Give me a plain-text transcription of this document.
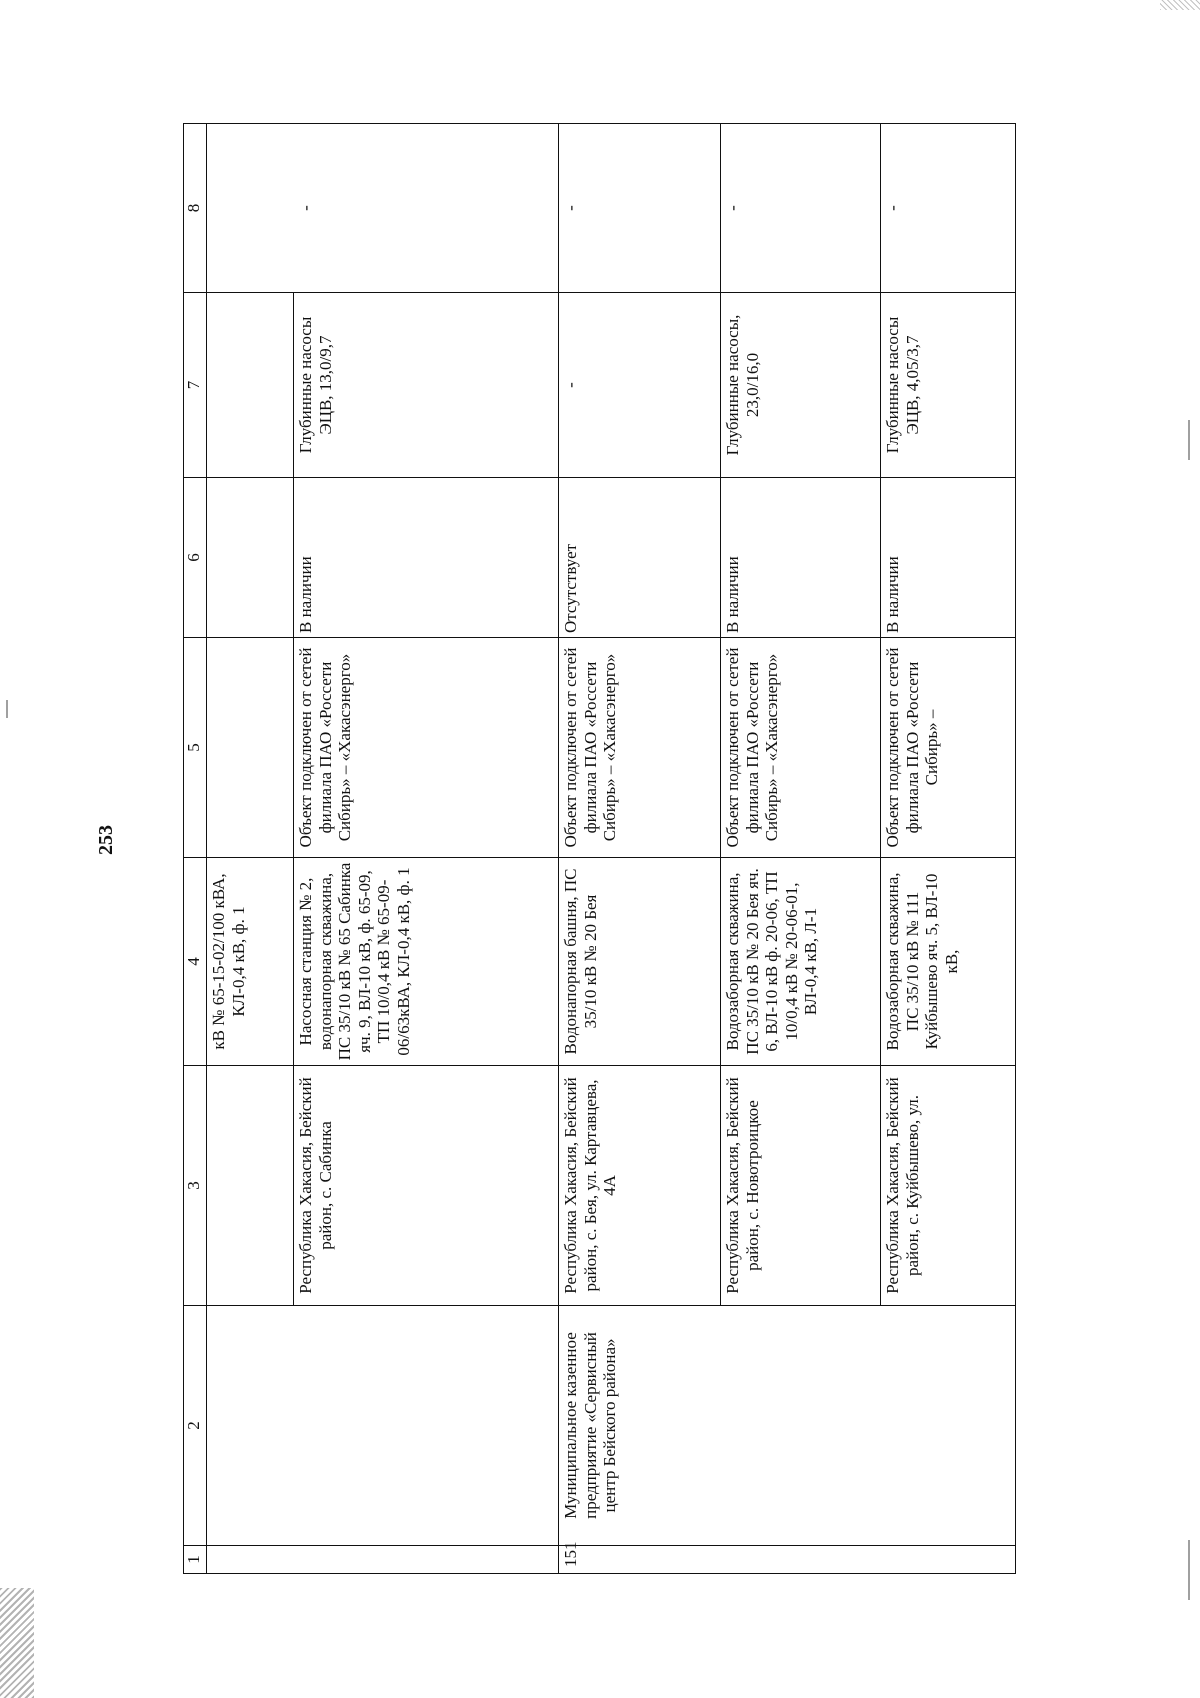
253
1	2	3	4	5	6	7	8
			кВ № 65-15-02/100 кВА, КЛ-0,4 кВ, ф. 1				
		Республика Хакасия, Бейский район, с. Сабинка	Насосная станция № 2, водонапорная скважина, ПС 35/10 кВ № 65 Сабинка яч. 9, ВЛ-10 кВ, ф. 65-09, ТП 10/0,4 кВ № 65-09-06/63кВА, КЛ-0,4 кВ, ф. 1	Объект подключен от сетей филиала ПАО «Россети Сибирь» – «Хакасэнерго»	В наличии	Глубинные насосы ЭЦВ, 13,0/9,7	-
151	Муниципальное казенное предприятие «Сервисный центр Бейского района»	Республика Хакасия, Бейский район, с. Бея, ул. Картавцева, 4А	Водонапорная башня, ПС 35/10 кВ № 20 Бея	Объект подключен от сетей филиала ПАО «Россети Сибирь» – «Хакасэнерго»	Отсутствует	-	-
		Республика Хакасия, Бейский район, с. Новотроицкое	Водозаборная скважина, ПС 35/10 кВ № 20 Бея яч. 6, ВЛ-10 кВ ф. 20-06, ТП 10/0,4 кВ № 20-06-01, ВЛ-0,4 кВ, Л-1	Объект подключен от сетей филиала ПАО «Россети Сибирь» – «Хакасэнерго»	В наличии	Глубинные насосы, 23,0/16,0	-
		Республика Хакасия, Бейский район, с. Куйбышево, ул.	Водозаборная скважина, ПС 35/10 кВ № 111 Куйбышево яч. 5, ВЛ-10 кВ,	Объект подключен от сетей филиала ПАО «Россети Сибирь» –	В наличии	Глубинные насосы ЭЦВ, 4,05/3,7	-
